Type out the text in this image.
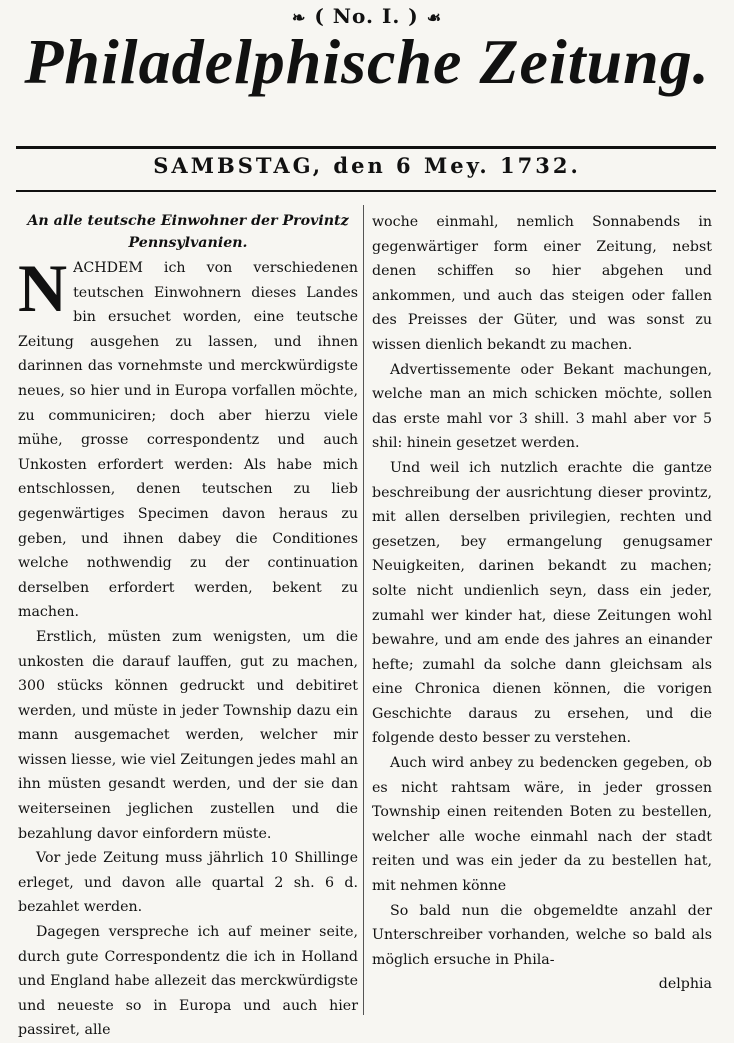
❧ ( No. I. ) ☙
Philadelphische Zeitung.
SAMBSTAG, den 6 Mey. 1732.
An alle teutsche Einwohner der Provintz Pennsylvanien.

NACHDEM ich von verschiedenen teutschen Einwohnern dieses Landes bin ersuchet worden, eine teutsche Zeitung ausgehen zu lassen, und ihnen darinnen das vornehmste und merckwürdigste neues, so hier und in Europa vorfallen möchte, zu communiciren; doch aber hierzu viele mühe, grosse correspondentz und auch Unkosten erfordert werden: Als habe mich entschlossen, denen teutschen zu lieb gegenwärtiges Specimen davon heraus zu geben, und ihnen dabey die Conditiones welche nothwendig zu der continuation derselben erfordert werden, bekent zu machen.

Erstlich, müsten zum wenigsten, um die unkosten die darauf lauffen, gut zu machen, 300 stücks können gedruckt und debitiret werden, und müste in jeder Township dazu ein mann ausgemachet werden, welcher mir wissen liesse, wie viel Zeitungen jedes mahl an ihn müsten gesandt werden, und der sie dan weiterseinen jeglichen zustellen und die bezahlung davor einfordern müste.

Vor jede Zeitung muss jährlich 10 Shillinge erleget, und davon alle quartal 2 sh. 6 d. bezahlet werden.

Dagegen verspreche ich auf meiner seite, durch gute Correspondentz die ich in Holland und England habe allezeit das merckwürdigste und neueste so in Europa und auch hier passiret, alle

woche einmahl, nemlich Sonnabends in gegenwärtiger form einer Zeitung, nebst denen schiffen so hier abgehen und ankommen, und auch das steigen oder fallen des Preisses der Güter, und was sonst zu wissen dienlich bekandt zu machen.

Advertissemente oder Bekant machungen, welche man an mich schicken möchte, sollen das erste mahl vor 3 shill. 3 mahl aber vor 5 shil: hinein gesetzet werden.

Und weil ich nutzlich erachte die gantze beschreibung der ausrichtung dieser provintz, mit allen derselben privilegien, rechten und gesetzen, bey ermangelung genugsamer Neuigkeiten, darinen bekandt zu machen; solte nicht undienlich seyn, dass ein jeder, zumahl wer kinder hat, diese Zeitungen wohl bewahre, und am ende des jahres an einander hefte; zumahl da solche dann gleichsam als eine Chronica dienen können, die vorigen Geschichte daraus zu ersehen, und die folgende desto besser zu verstehen.

Auch wird anbey zu bedencken gegeben, ob es nicht rahtsam wäre, in jeder grossen Township einen reitenden Boten zu bestellen, welcher alle woche einmahl nach der stadt reiten und was ein jeder da zu bestellen hat, mit nehmen könne

So bald nun die obgemeldte anzahl der Unterschreiber vorhanden, welche so bald als möglich ersuche in Phila-

delphia
